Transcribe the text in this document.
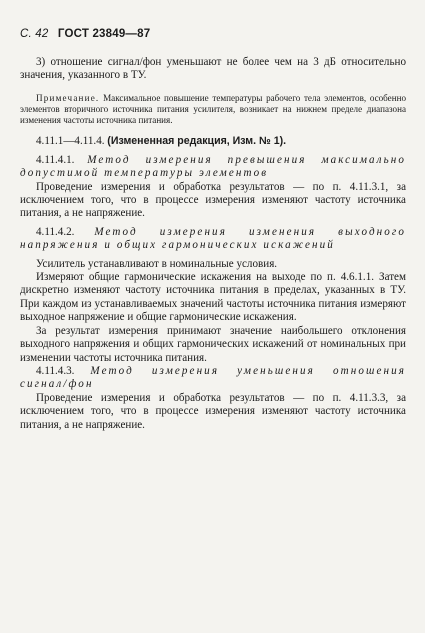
С. 42 ГОСТ 23849—87

3) отношение сигнал/фон уменьшают не более чем на 3 дБ относительно значения, указанного в ТУ.

Примечание. Максимальное повышение температуры рабочего тела элементов, особенно элементов вторичного источника питания усилителя, возникает на нижнем пределе диапазона изменения частоты источника питания.

4.11.1—4.11.4. (Измененная редакция, Изм. № 1).

4.11.4.1. Метод измерения превышения максимально допустимой температуры элементов

Проведение измерения и обработка результатов — по п. 4.11.3.1, за исключением того, что в процессе измерения изменяют частоту источника питания, а не напряжение.

4.11.4.2. Метод измерения изменения выходного напряжения и общих гармонических искажений

Усилитель устанавливают в номинальные условия.

Измеряют общие гармонические искажения на выходе по п. 4.6.1.1. Затем дискретно изменяют частоту источника питания в пределах, указанных в ТУ. При каждом из устанавливаемых значений частоты источника питания измеряют выходное напряжение и общие гармонические искажения.

За результат измерения принимают значение наибольшего отклонения выходного напряжения и общих гармонических искажений от номинальных при изменении частоты источника питания.

4.11.4.3. Метод измерения уменьшения отношения сигнал/фон

Проведение измерения и обработка результатов — по п. 4.11.3.3, за исключением того, что в процессе измерения изменяют частоту источника питания, а не напряжение.
